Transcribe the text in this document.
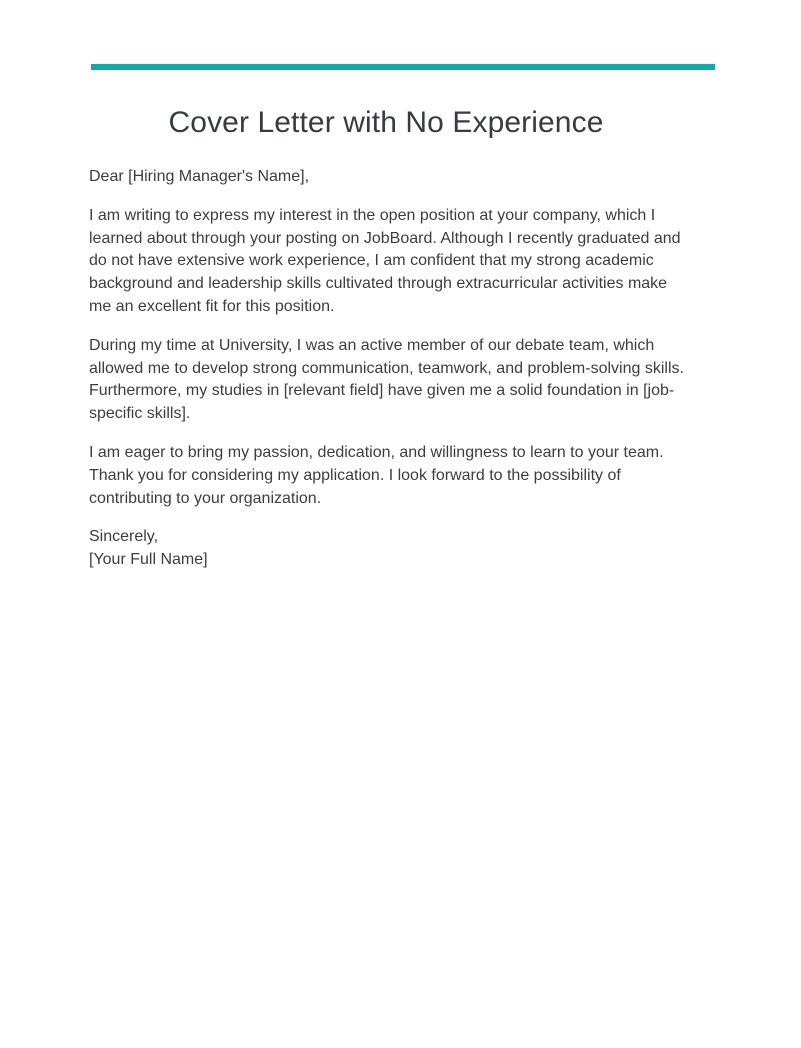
Cover Letter with No Experience

Dear [Hiring Manager's Name],

I am writing to express my interest in the open position at your company, which I learned about through your posting on JobBoard. Although I recently graduated and do not have extensive work experience, I am confident that my strong academic background and leadership skills cultivated through extracurricular activities make me an excellent fit for this position.

During my time at University, I was an active member of our debate team, which allowed me to develop strong communication, teamwork, and problem-solving skills. Furthermore, my studies in [relevant field] have given me a solid foundation in [job-specific skills].

I am eager to bring my passion, dedication, and willingness to learn to your team. Thank you for considering my application. I look forward to the possibility of contributing to your organization.

Sincerely,
[Your Full Name]
